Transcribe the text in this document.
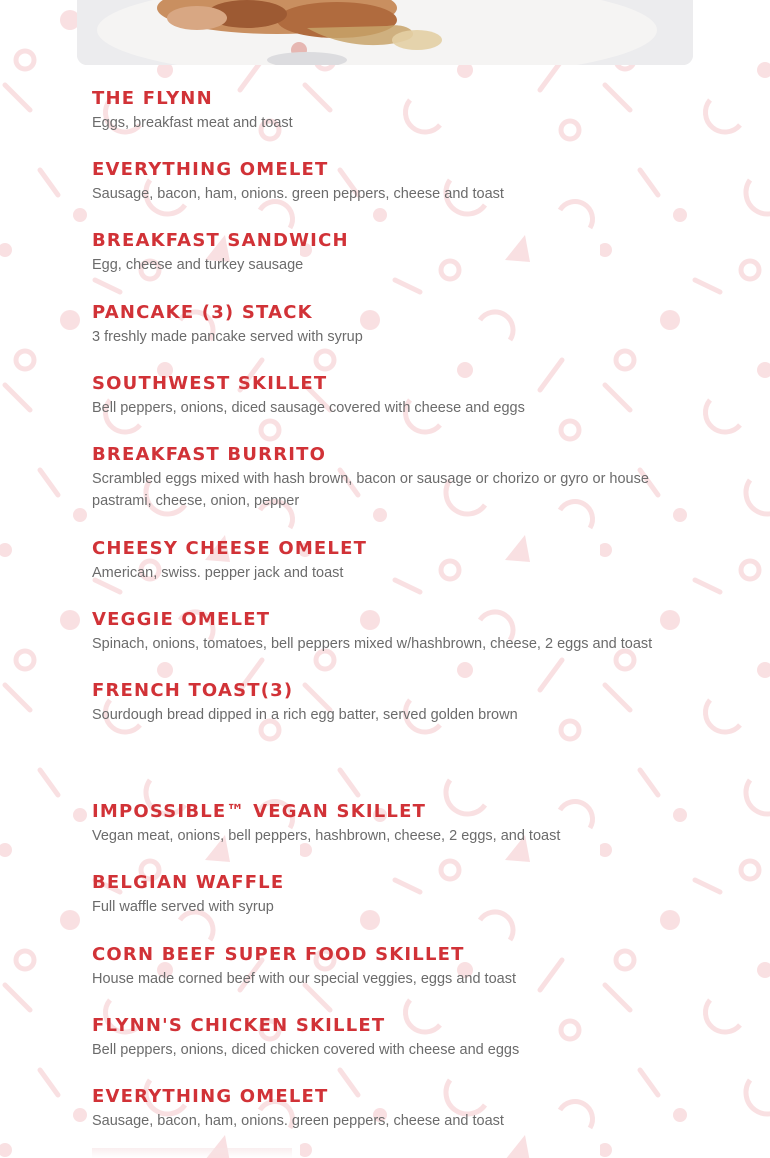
THE FLYNN

Eggs, breakfast meat and toast

EVERYTHING OMELET

Sausage, bacon, ham, onions. green peppers, cheese and toast

BREAKFAST SANDWICH

Egg, cheese and turkey sausage

PANCAKE (3) STACK

3 freshly made pancake served with syrup

SOUTHWEST SKILLET

Bell peppers, onions, diced sausage covered with cheese and eggs

BREAKFAST BURRITO

Scrambled eggs mixed with hash brown, bacon or sausage or chorizo or gyro or house pastrami, cheese, onion, pepper

CHEESY CHEESE OMELET

American, swiss. pepper jack and toast

VEGGIE OMELET

Spinach, onions, tomatoes, bell peppers mixed w/hashbrown, cheese, 2 eggs and toast

FRENCH TOAST(3)

Sourdough bread dipped in a rich egg batter, served golden brown

IMPOSSIBLE™ VEGAN SKILLET

Vegan meat, onions, bell peppers, hashbrown, cheese, 2 eggs, and toast

BELGIAN WAFFLE

Full waffle served with syrup

CORN BEEF SUPER FOOD SKILLET

House made corned beef with our special veggies, eggs and toast

FLYNN'S CHICKEN SKILLET

Bell peppers, onions, diced chicken covered with cheese and eggs

EVERYTHING OMELET

Sausage, bacon, ham, onions. green peppers, cheese and toast
